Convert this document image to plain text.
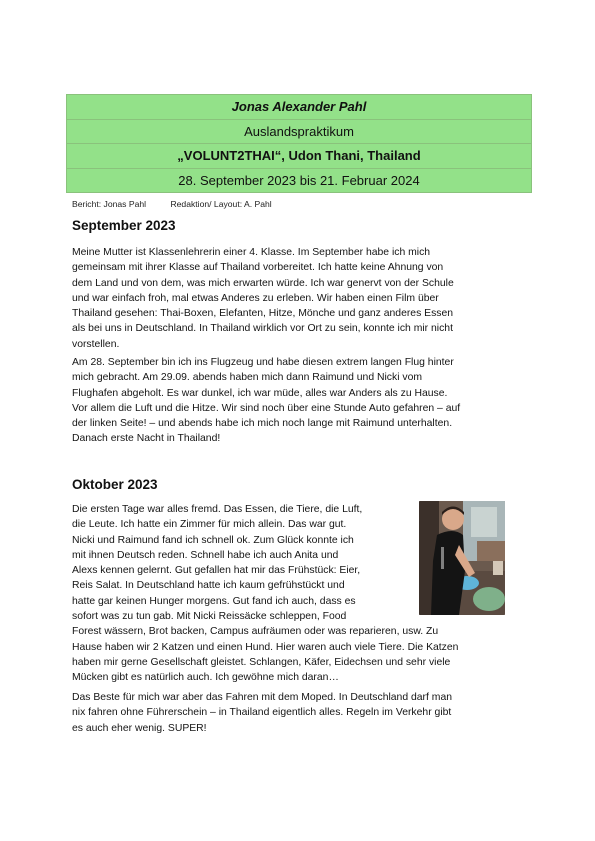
Jonas Alexander Pahl
Auslandspraktikum
„VOLUNT2THAI“, Udon Thani, Thailand
28. September 2023 bis 21. Februar 2024
Bericht: Jonas Pahl	Redaktion/ Layout: A. Pahl
September 2023

Meine Mutter ist Klassenlehrerin einer 4. Klasse. Im September habe ich mich
gemeinsam mit ihrer Klasse auf Thailand vorbereitet. Ich hatte keine Ahnung von
dem Land und von dem, was mich erwarten würde. Ich war genervt von der Schule
und war einfach froh, mal etwas Anderes zu erleben. Wir haben einen Film über
Thailand gesehen: Thai-Boxen, Elefanten, Hitze, Mönche und ganz anderes Essen
als bei uns in Deutschland. In Thailand wirklich vor Ort zu sein, konnte ich mir nicht
vorstellen.

Am 28. September bin ich ins Flugzeug und habe diesen extrem langen Flug hinter
mich gebracht. Am 29.09. abends haben mich dann Raimund und Nicki vom
Flughafen abgeholt. Es war dunkel, ich war müde, alles war Anders als zu Hause.
Vor allem die Luft und die Hitze. Wir sind noch über eine Stunde Auto gefahren – auf
der linken Seite! – und abends habe ich mich noch lange mit Raimund unterhalten.
Danach erste Nacht in Thailand!

Oktober 2023

Die ersten Tage war alles fremd. Das Essen, die Tiere, die Luft,
die Leute. Ich hatte ein Zimmer für mich allein. Das war gut.
Nicki und Raimund fand ich schnell ok. Zum Glück konnte ich
mit ihnen Deutsch reden. Schnell habe ich auch Anita und
Alexs kennen gelernt. Gut gefallen hat mir das Frühstück: Eier,
Reis Salat. In Deutschland hatte ich kaum gefrühstückt und
hatte gar keinen Hunger morgens. Gut fand ich auch, dass es
sofort was zu tun gab. Mit Nicki Reissäcke schleppen, Food
Forest wässern, Brot backen, Campus aufräumen oder was reparieren, usw. Zu
Hause haben wir 2 Katzen und einen Hund. Hier waren auch viele Tiere. Die Katzen
haben mir gerne Gesellschaft gleistet. Schlangen, Käfer, Eidechsen und sehr viele
Mücken gibt es natürlich auch. Ich gewöhne mich daran…

Das Beste für mich war aber das Fahren mit dem Moped. In Deutschland darf man
nix fahren ohne Führerschein – in Thailand eigentlich alles. Regeln im Verkehr gibt
es auch eher wenig. SUPER!
